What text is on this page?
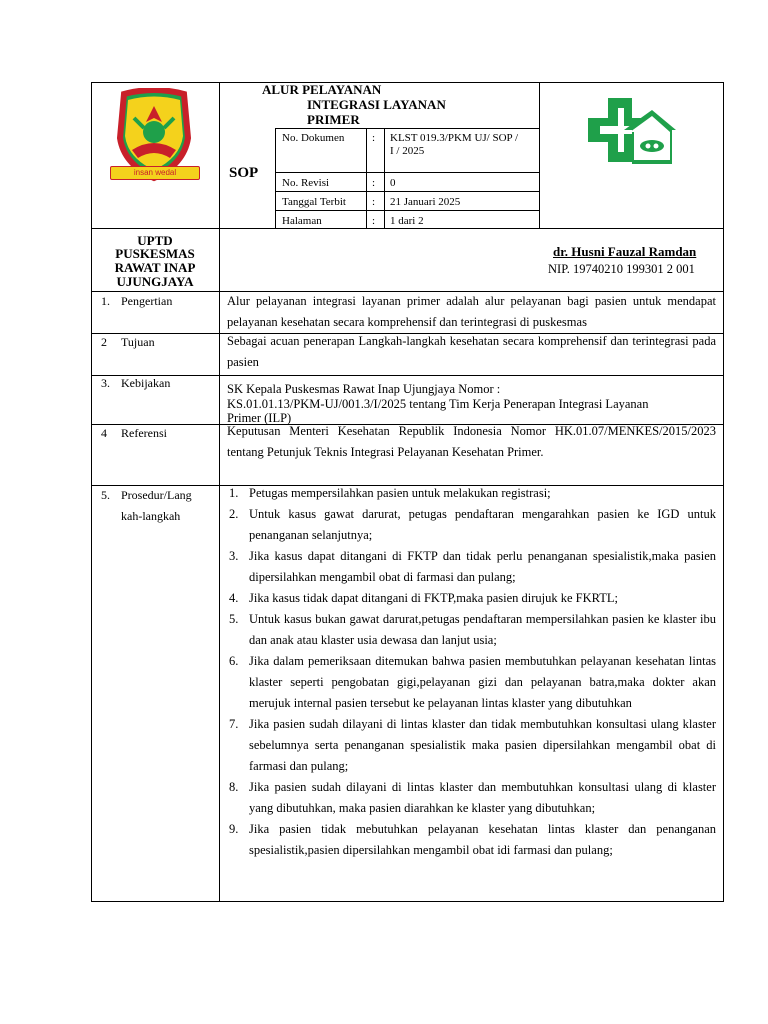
insan wedal
ALUR PELAYANAN
INTEGRASI LAYANAN
PRIMER
SOP
No. Dokumen	: KLST 019.3/PKM UJ/ SOP /
I / 2025
No. Revisi	: 0
Tanggal Terbit : 21 Januari 2025
Halaman	: 1 dari 2
UPTD
PUSKESMAS
RAWAT INAP
UJUNGJAYA
dr. Husni Fauzal Ramdan
NIP. 19740210 199301 2 001
1. Pengertian	Alur pelayanan integrasi layanan primer adalah alur pelayanan bagi pasien untuk mendapat pelayanan kesehatan secara komprehensif dan terintegrasi di puskesmas
2 Tujuan	Sebagai acuan penerapan Langkah-langkah kesehatan secara komprehensif dan terintegrasi pada pasien
3. Kebijakan	SK Kepala Puskesmas Rawat Inap Ujungjaya Nomor :
KS.01.01.13/PKM-UJ/001.3/I/2025 tentang Tim Kerja Penerapan Integrasi Layanan
Primer (ILP)
4 Referensi	Keputusan Menteri Kesehatan Republik Indonesia Nomor HK.01.07/MENKES/2015/2023 tentang Petunjuk Teknis Integrasi Pelayanan Kesehatan Primer.
5. Prosedur/Lang
kah-langkah
1. Petugas mempersilahkan pasien untuk melakukan registrasi;
2. Untuk kasus gawat darurat, petugas pendaftaran mengarahkan pasien ke IGD untuk penanganan selanjutnya;
3. Jika kasus dapat ditangani di FKTP dan tidak perlu penanganan spesialistik,maka pasien dipersilahkan mengambil obat di farmasi dan pulang;
4. Jika kasus tidak dapat ditangani di FKTP,maka pasien dirujuk ke FKRTL;
5. Untuk kasus bukan gawat darurat,petugas pendaftaran mempersilahkan pasien ke klaster ibu dan anak atau klaster usia dewasa dan lanjut usia;
6. Jika dalam pemeriksaan ditemukan bahwa pasien membutuhkan pelayanan kesehatan lintas klaster seperti pengobatan gigi,pelayanan gizi dan pelayanan batra,maka dokter akan merujuk internal pasien tersebut ke pelayanan lintas klaster yang dibutuhkan
7. Jika pasien sudah dilayani di lintas klaster dan tidak membutuhkan konsultasi ulang klaster sebelumnya serta penanganan spesialistik maka pasien dipersilahkan mengambil obat di farmasi dan pulang;
8. Jika pasien sudah dilayani di lintas klaster dan membutuhkan konsultasi ulang di klaster yang dibutuhkan, maka pasien diarahkan ke klaster yang dibutuhkan;
9. Jika pasien tidak mebutuhkan pelayanan kesehatan lintas klaster dan penanganan spesialistik,pasien dipersilahkan mengambil obat idi farmasi dan pulang;
